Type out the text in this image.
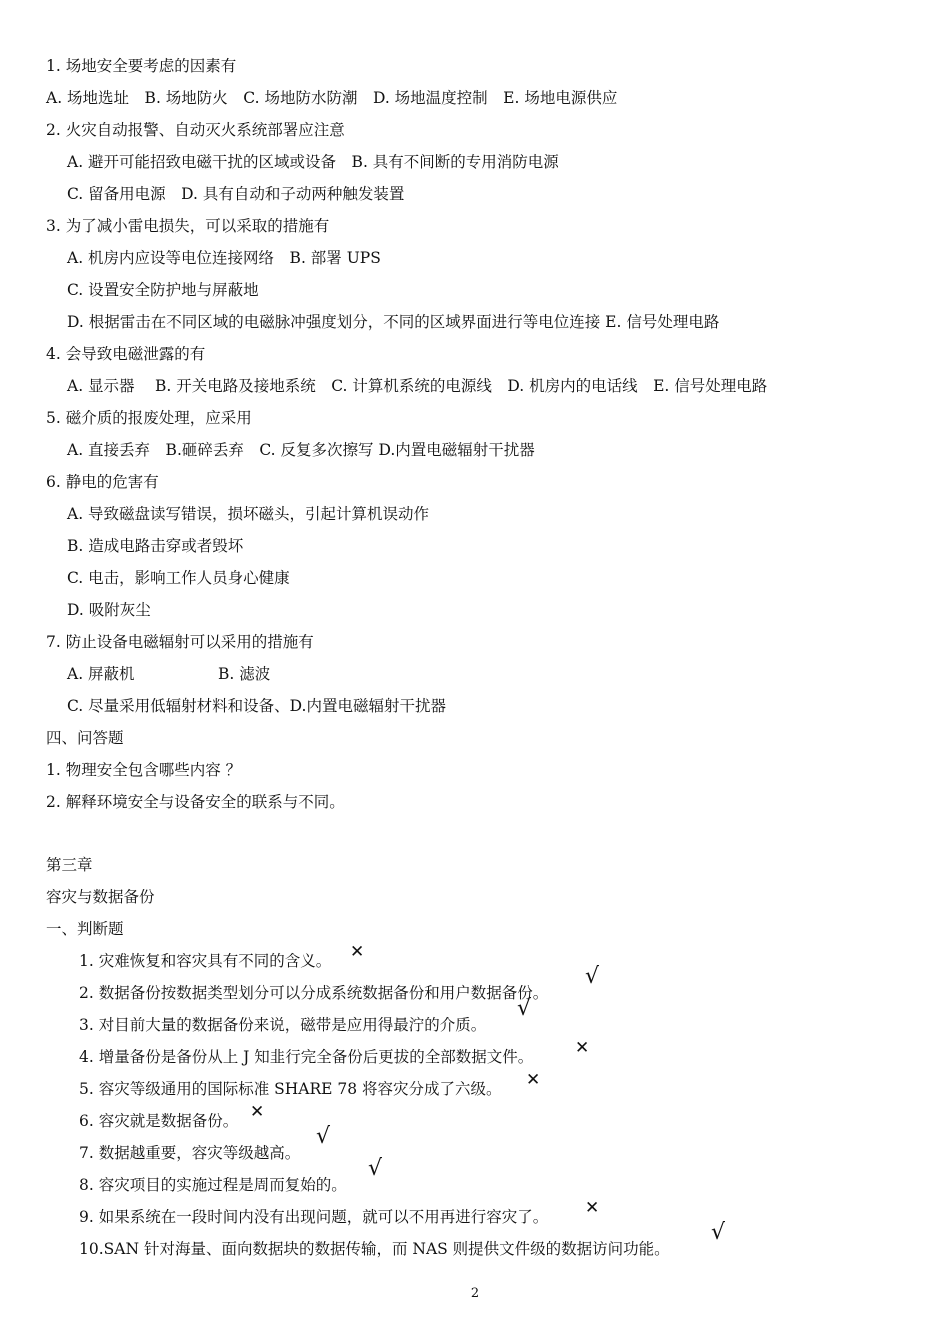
1. 场地安全要考虑的因素有
A. 场地选址　B. 场地防火　C. 场地防水防潮　D. 场地温度控制　E. 场地电源供应
2. 火灾自动报警、自动灭火系统部署应注意
A. 避开可能招致电磁干扰的区域或设备　B. 具有不间断的专用消防电源
C. 留备用电源　D. 具有自动和子动两种触发装置
3. 为了减小雷电损失，可以采取的措施有
A. 机房内应设等电位连接网络　B. 部署 UPS
C. 设置安全防护地与屏蔽地
D. 根据雷击在不同区域的电磁脉冲强度划分，不同的区域界面进行等电位连接 E. 信号处理电路
4. 会导致电磁泄露的有
A. 显示器　 B. 开关电路及接地系统　C. 计算机系统的电源线　D. 机房内的电话线　E. 信号处理电路
5. 磁介质的报废处理，应采用
A. 直接丢弃　B.砸碎丢弃　C. 反复多次擦写 D.内置电磁辐射干扰器
6. 静电的危害有
A. 导致磁盘读写错误，损坏磁头，引起计算机误动作
B. 造成电路击穿或者毁坏
C. 电击，影响工作人员身心健康
D. 吸附灰尘
7. 防止设备电磁辐射可以采用的措施有
A. 屏蔽机	B. 滤波
C. 尽量采用低辐射材料和设备、D.内置电磁辐射干扰器
四、问答题
1. 物理安全包含哪些内容 ？
2. 解释环境安全与设备安全的联系与不同。
第三章
容灾与数据备份
一、判断题
1. 灾难恢复和容灾具有不同的含义。 ✕
2. 数据备份按数据类型划分可以分成系统数据备份和用户数据备份。
√
3. 对目前大量的数据备份来说，磁带是应用得最泞的介质。
√
4. 增量备份是备份从上 J 知韭行完全备份后更拔的全部数据文件。 ✕
5. 容灾等级通用的国际标准 SHARE 78 将容灾分成了六级。 ✕
6. 容灾就是数据备份。 ✕
7. 数据越重要，容灾等级越高。
√
8. 容灾项目的实施过程是周而复始的。
√
9. 如果系统在一段时间内没有出现问题，就可以不用再进行容灾了。 ✕
10.SAN 针对海量、面向数据块的数据传输，而 NAS 则提供文件级的数据访问功能。
√
2
